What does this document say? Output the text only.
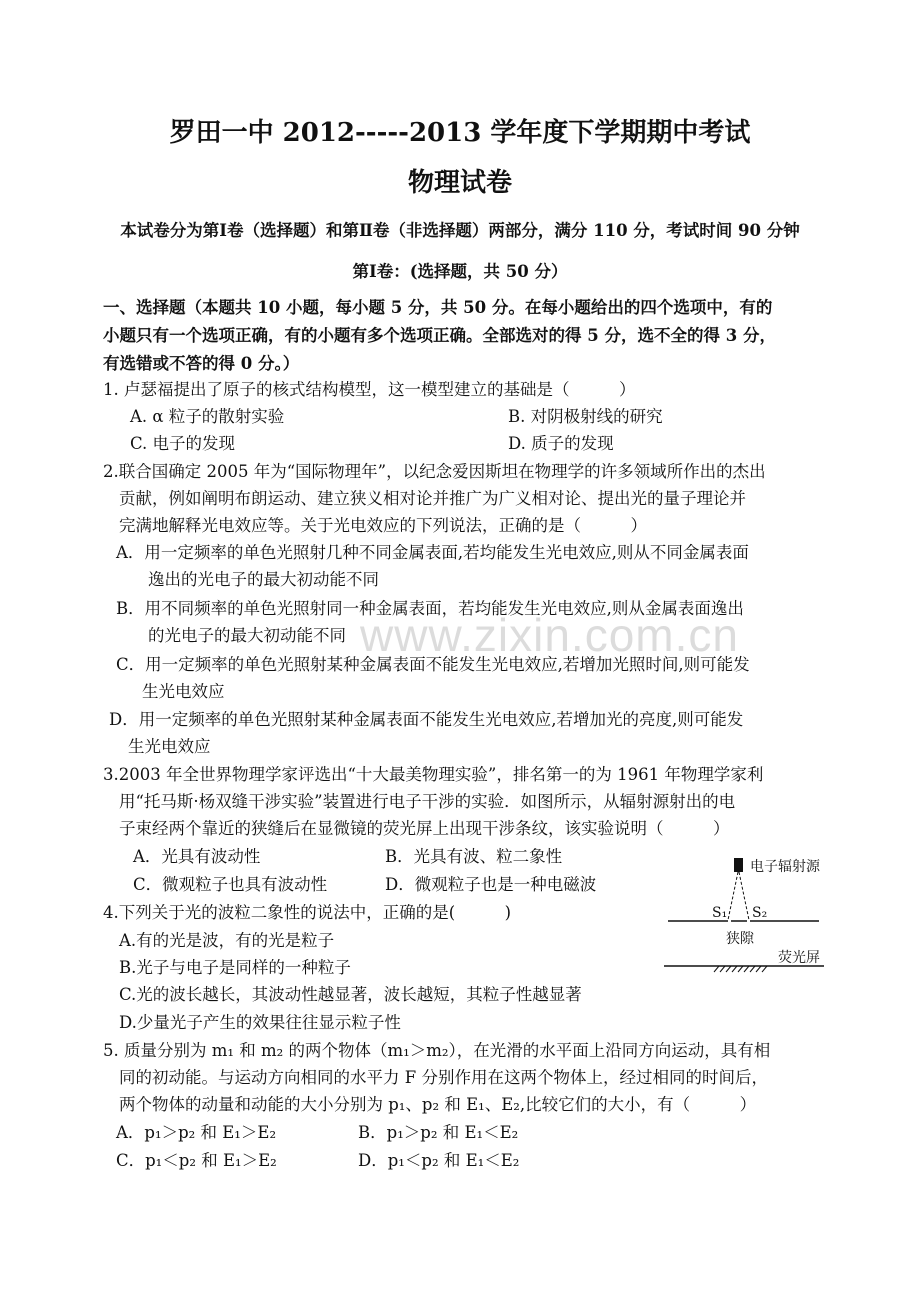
罗田一中 2012-----2013 学年度下学期期中考试
物理试卷
本试卷分为第Ⅰ卷（选择题）和第Ⅱ卷（非选择题）两部分，满分 110 分，考试时间 90 分钟
第Ⅰ卷：(选择题，共 50 分）
一、选择题（本题共 10 小题，每小题 5 分，共 50 分。在每小题给出的四个选项中，有的
小题只有一个选项正确，有的小题有多个选项正确。全部选对的得 5 分，选不全的得 3 分，
有选错或不答的得 0 分。）
1. 卢瑟福提出了原子的核式结构模型，这一模型建立的基础是（　　　）
A. α 粒子的散射实验	B. 对阴极射线的研究
C. 电子的发现	D. 质子的发现
2.联合国确定 2005 年为“国际物理年”，以纪念爱因斯坦在物理学的许多领域所作出的杰出
贡献，例如阐明布朗运动、建立狭义相对论并推广为广义相对论、提出光的量子理论并
完满地解释光电效应等。关于光电效应的下列说法，正确的是（　　　）
A．用一定频率的单色光照射几种不同金属表面,若均能发生光电效应,则从不同金属表面
逸出的光电子的最大初动能不同
B．用不同频率的单色光照射同一种金属表面，若均能发生光电效应,则从金属表面逸出
的光电子的最大初动能不同
C．用一定频率的单色光照射某种金属表面不能发生光电效应,若增加光照时间,则可能发
生光电效应
D．用一定频率的单色光照射某种金属表面不能发生光电效应,若增加光的亮度,则可能发
生光电效应
www.zixin.com.cn
3.2003 年全世界物理学家评选出“十大最美物理实验”，排名第一的为 1961 年物理学家利
用“托马斯·杨双缝干涉实验”装置进行电子干涉的实验．如图所示，从辐射源射出的电
子束经两个靠近的狭缝后在显微镜的荧光屏上出现干涉条纹，该实验说明（　　　）
A．光具有波动性	B．光具有波、粒二象性
C．微观粒子也具有波动性	D．微观粒子也是一种电磁波
电子辐射源
S₁ S₂
狭隙
荧光屏
4.下列关于光的波粒二象性的说法中，正确的是(　　　)
A.有的光是波，有的光是粒子
B.光子与电子是同样的一种粒子
C.光的波长越长，其波动性越显著，波长越短，其粒子性越显著
D.少量光子产生的效果往往显示粒子性
5. 质量分别为 m₁ 和 m₂ 的两个物体（m₁＞m₂），在光滑的水平面上沿同方向运动，具有相
同的初动能。与运动方向相同的水平力 F 分别作用在这两个物体上，经过相同的时间后，
两个物体的动量和动能的大小分别为 p₁、p₂ 和 E₁、E₂,比较它们的大小，有（　　　）
A．p₁＞p₂ 和 E₁＞E₂	B．p₁＞p₂ 和 E₁＜E₂
C．p₁＜p₂ 和 E₁＞E₂	D．p₁＜p₂ 和 E₁＜E₂
